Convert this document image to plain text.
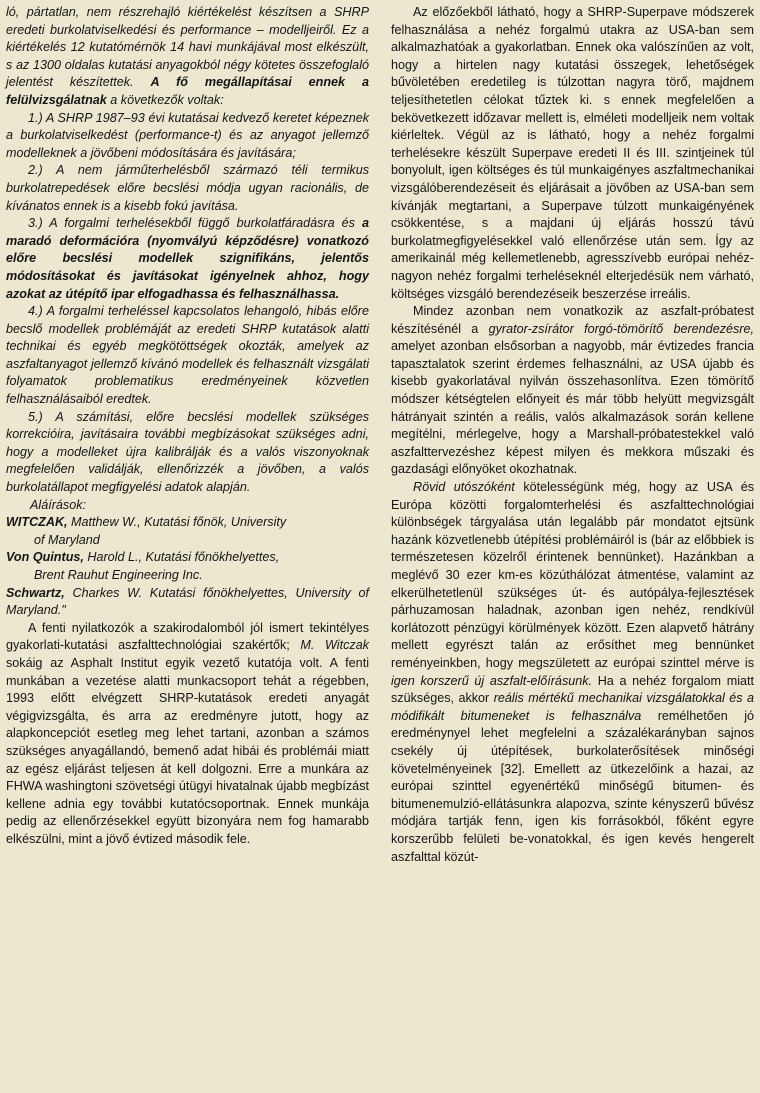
ló, pártatlan, nem részrehajló kiértékelést készítsen a SHRP eredeti burkolatviselkedési és performance – modelljeiről. Ez a kiértékelés 12 kutatómérnök 14 havi munkájával most elkészült, s az 1300 oldalas kutatási anyagokból négy kötetes összefoglaló jelentést készítettek. A fő megállapításai ennek a felülvizsgálatnak a következők voltak:

1.) A SHRP 1987–93 évi kutatásai kedvező keretet képeznek a burkolatviselkedést (performance-t) és az anyagot jellemző modelleknek a jövőbeni módosítására és javítására;

2.) A nem járműterhelésből származó téli termikus burkolatrepedések előre becslési módja ugyan racionális, de kívánatos ennek is a kisebb fokú javítása.

3.) A forgalmi terhelésekből függő burkolatfáradásra és a maradó deformációra (nyomvályú képződésre) vonatkozó előre becslési modellek szignifikáns, jelentős módosításokat és javításokat igényelnek ahhoz, hogy azokat az útépítő ipar elfogadhassa és felhasználhassa.

4.) A forgalmi terheléssel kapcsolatos lehangoló, hibás előre becslő modellek problémáját az eredeti SHRP kutatások alatti technikai és egyéb megkötöttségek okozták, amelyek az aszfaltanyagot jellemző kívánó modellek és felhasznált vizsgálati folyamatok problematikus eredményeinek közvetlen felhasználásaiból eredtek.

5.) A számítási, előre becslési modellek szükséges korrekcióira, javításaira további megbízásokat szükséges adni, hogy a modelleket újra kalibrálják és a valós viszonyoknak megfelelően validálják, ellenőrizzék a jövőben, a valós burkolatállapot megfigyelési adatok alapján.

Aláírások:

WITCZAK, Matthew W., Kutatási főnök, University

of Maryland

Von Quintus, Harold L., Kutatási főnökhelyettes,

Brent Rauhut Engineering Inc.

Schwartz, Charkes W. Kutatási főnökhelyettes, University of Maryland."

A fenti nyilatkozók a szakirodalomból jól ismert tekintélyes gyakorlati-kutatási aszfalttechnológiai szakértők; M. Witczak sokáig az Asphalt Institut egyik vezető kutatója volt. A fenti munkában a vezetése alatti munkacsoport tehát a régebben, 1993 előtt elvégzett SHRP-kutatások eredeti anyagát végigvizsgálta, és arra az eredményre jutott, hogy az alapkoncepciót esetleg meg lehet tartani, azonban a számos szükséges anyagállandó, bemenő adat hibái és problémái miatt az egész eljárást teljesen át kell dolgozni. Erre a munkára az FHWA washingtoni szövetségi útügyi hivatalnak újabb megbízást kellene adnia egy további kutatócsoportnak. Ennek munkája pedig az ellenőrzésekkel együtt bizonyára nem fog hamarabb elkészülni, mint a jövő évtized második fele.

Az előzőekből látható, hogy a SHRP-Superpave módszerek felhasználása a nehéz forgalmú utakra az USA-ban sem alkalmazhatóak a gyakorlatban. Ennek oka valószínűen az volt, hogy a hirtelen nagy kutatási összegek, lehetőségek bűvöletében eredetileg is túlzottan nagyra törő, majdnem teljesíthetetlen célokat tűztek ki. s ennek megfelelően a bekövetkezett időzavar mellett is, elméleti modelljeik nem voltak kiérleltek. Végül az is látható, hogy a nehéz forgalmi terhelésekre készült Superpave eredeti II és III. szintjeinek túl bonyolult, igen költséges és túl munkaigényes aszfaltmechanikai vizsgálóberendezéseit és eljárásait a jövőben az USA-ban sem kívánják megtartani, a Superpave túlzott munkaigényének csökkentése, s a majdani új eljárás hosszú távú burkolatmegfigyelésekkel való ellenőrzése után sem. Így az amerikainál még kellemetlenebb, agresszívebb európai nehéz-nagyon nehéz forgalmi terheléseknél elterjedésük nem várható, költséges vizsgáló berendezéseik beszerzése irreális.

Mindez azonban nem vonatkozik az aszfalt-próbatest készítésénél a gyrator-zsírátor forgó-tömörítő berendezésre, amelyet azonban elsősorban a nagyobb, már évtizedes francia tapasztalatok szerint érdemes felhasználni, az USA újabb és kisebb gyakorlatával nyilván összehasonlítva. Ezen tömörítő módszer kétségtelen előnyeit és már több helyütt megvizsgált hátrányait szintén a reális, valós alkalmazások során kellene megítélni, mérlegelve, hogy a Marshall-próbatestekkel való aszfalttervezéshez képest milyen és mekkora műszaki és gazdasági előnyöket okozhatnak.

Rövid utószóként kötelességünk még, hogy az USA és Európa közötti forgalomterhelési és aszfalttechnológiai különbségek tárgyalása után legalább pár mondatot ejtsünk hazánk közvetlenebb útépítési problémáiról is (bár az előbbiek is természetesen közelről érintenek bennünket). Hazánkban a meglévő 30 ezer km-es közúthálózat átmentése, valamint az elkerülhetetlenül szükséges út- és autópálya-fejlesztések párhuzamosan haladnak, azonban igen nehéz, rendkívül korlátozott pénzügyi körülmények között. Ezen alapvető hátrány mellett egyrészt talán az erősíthet meg bennünket reményeinkben, hogy megszületett az európai szinttel mérve is igen korszerű új aszfalt-előírásunk. Ha a nehéz forgalom miatt szükséges, akkor reális mértékű mechanikai vizsgálatokkal és a módifikált bitumeneket is felhasználva remélhetően jó eredménynyel lehet megfelelni a százalékarányban sajnos csekély új útépítések, burkolaterősítések minőségi követelményeinek [32]. Emellett az ütkezelőink a hazai, az európai szinttel egyenértékű minőségű bitumen- és bitumenemulzió-ellátásunkra alapozva, szinte kényszerű bűvész módjára tartják fenn, igen kis forrásokból, főként egyre korszerűbb felületi be-vonatokkal, és igen kevés hengerelt aszfalttal közút-
